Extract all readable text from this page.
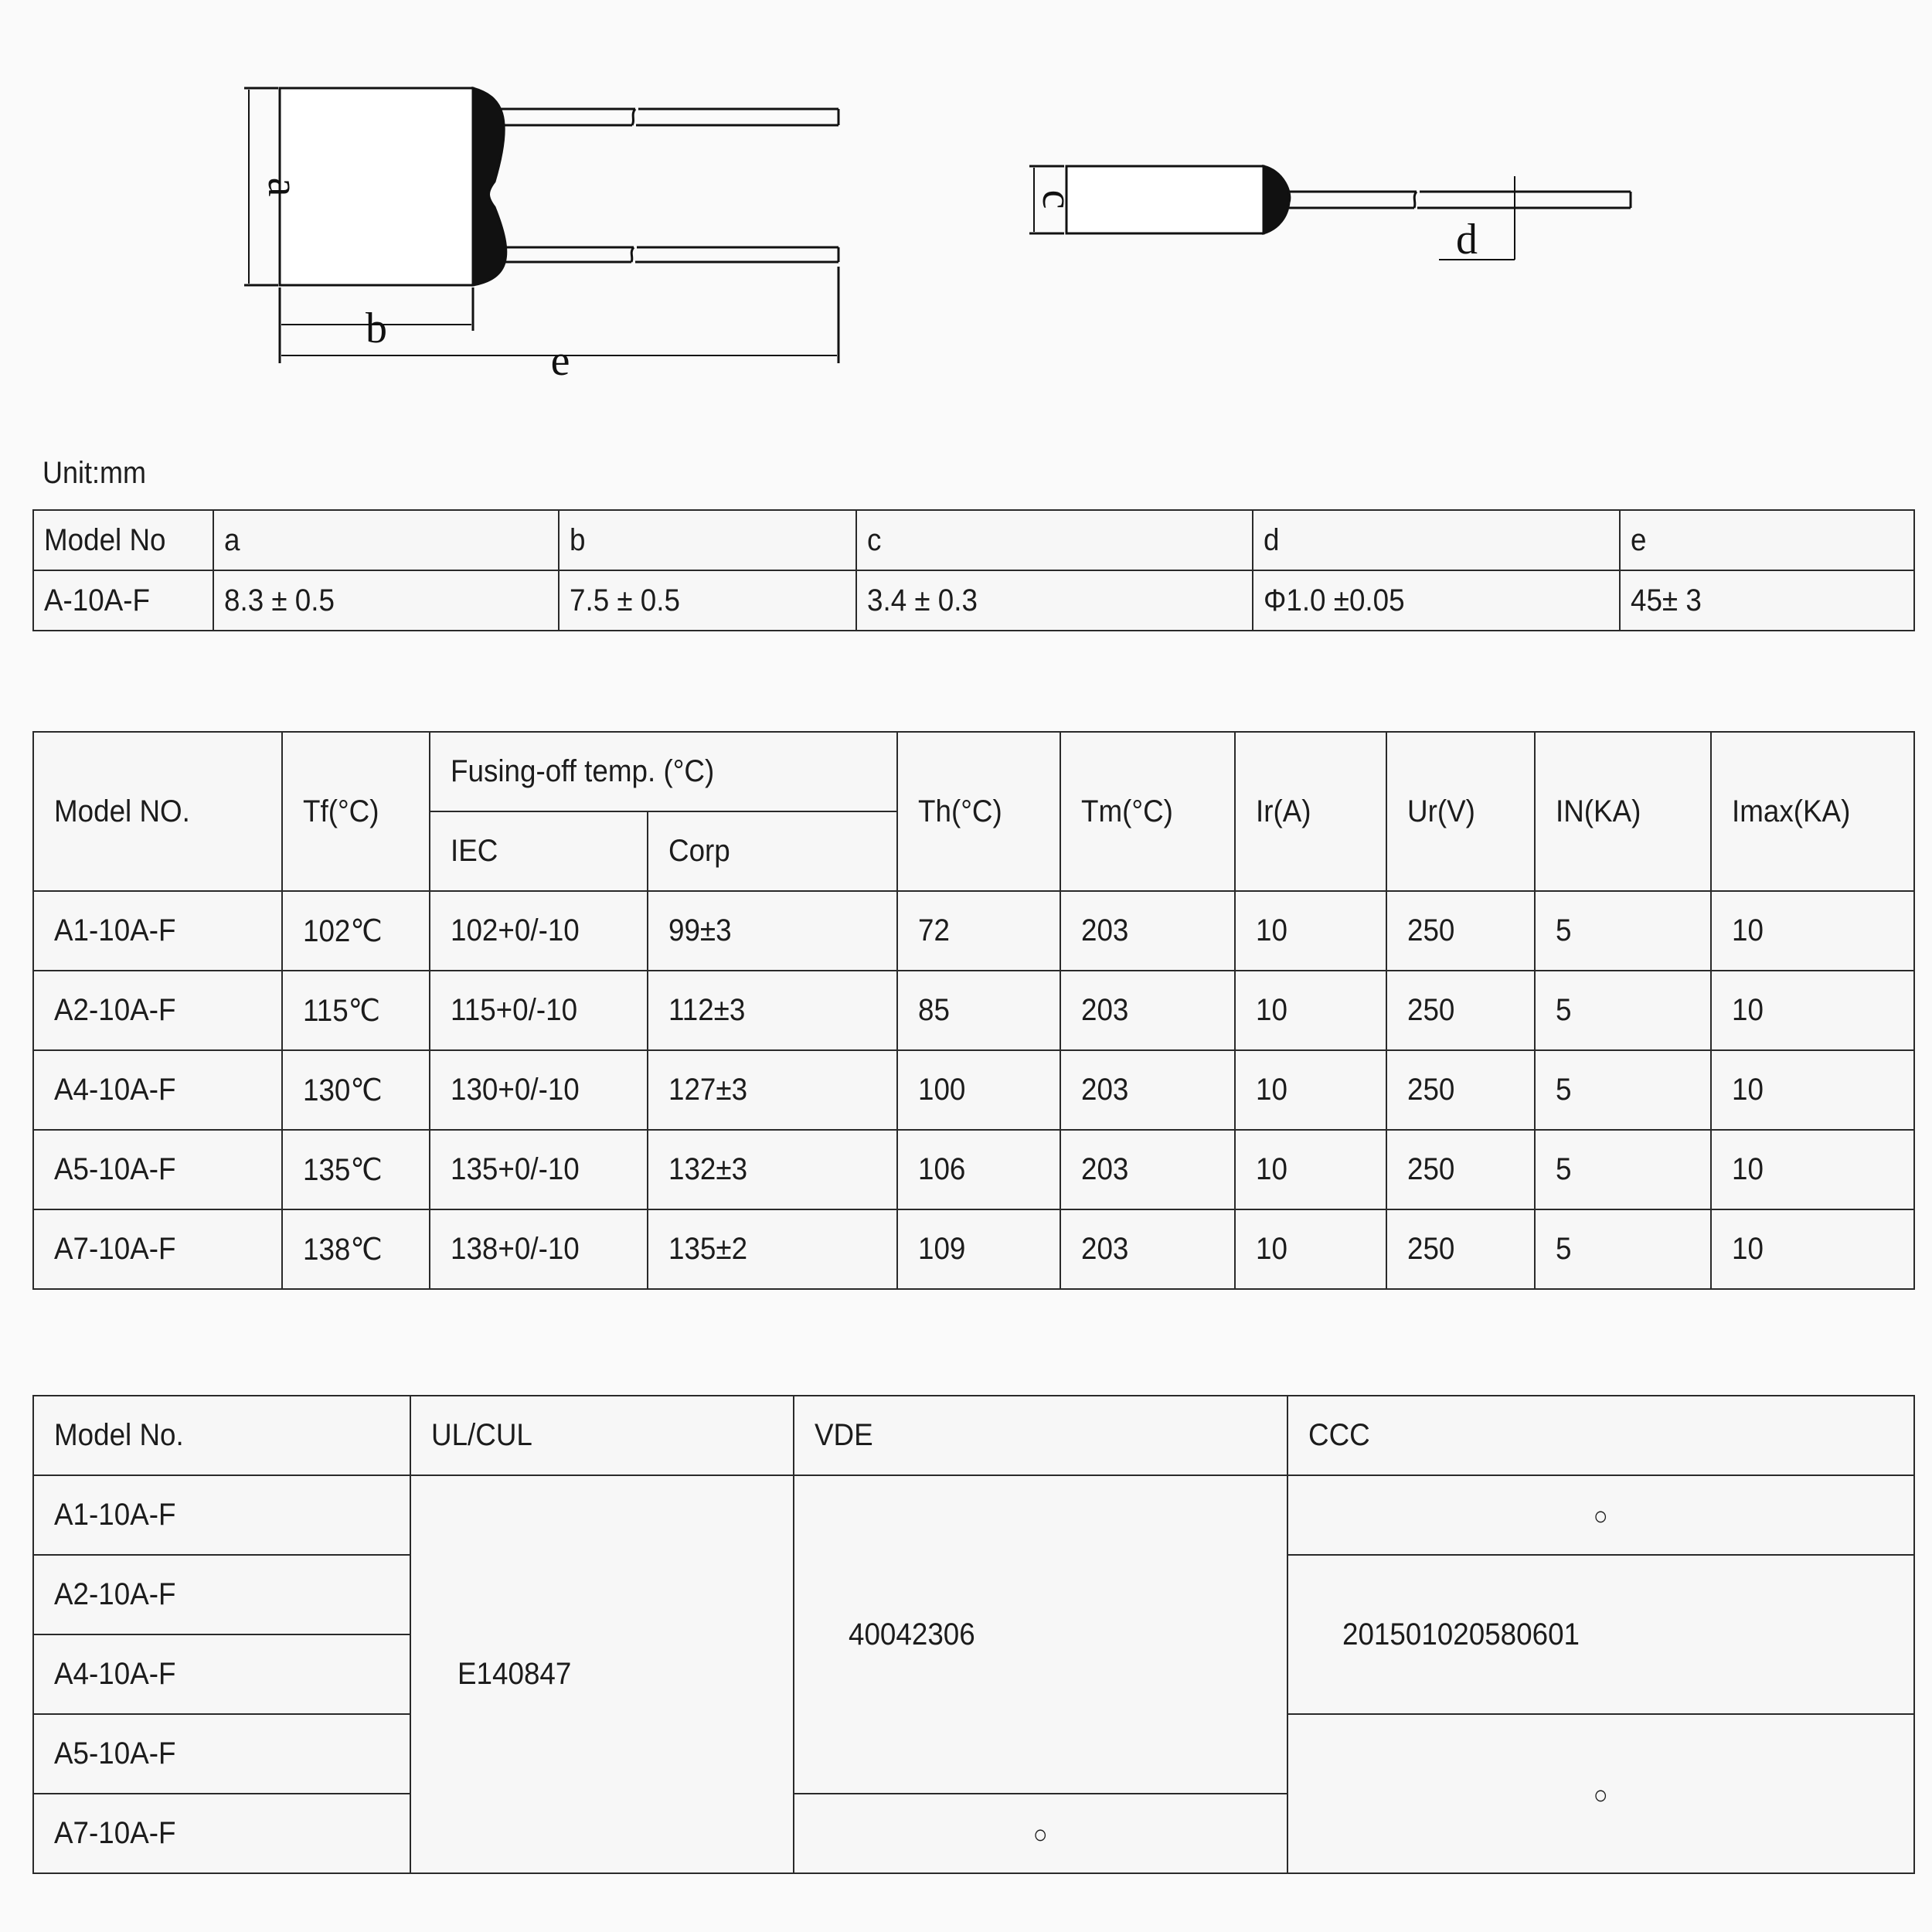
a
b
e
c
d
Unit:mm
Model No	a	b	c	d	e
A-10A-F	8.3 ± 0.5	7.5 ± 0.5	3.4 ± 0.3	Φ1.0 ±0.05	45± 3
Model NO.	Tf(°C)	Fusing-off temp. (°C)		Th(°C)	Tm(°C)	Ir(A)	Ur(V)	IN(KA)	Imax(KA)
		IEC	Corp						
A1-10A-F	102℃	102+0/-10	99±3	72	203	10	250	5	10
A2-10A-F	115℃	115+0/-10	112±3	85	203	10	250	5	10
A4-10A-F	130℃	130+0/-10	127±3	100	203	10	250	5	10
A5-10A-F	135℃	135+0/-10	132±3	106	203	10	250	5	10
A7-10A-F	138℃	138+0/-10	135±2	109	203	10	250	5	10
Model No.	UL/CUL	VDE	CCC
A1-10A-F	E140847	40042306	○
A2-10A-F			201501020580601
A4-10A-F			
A5-10A-F			○
A7-10A-F		○	
